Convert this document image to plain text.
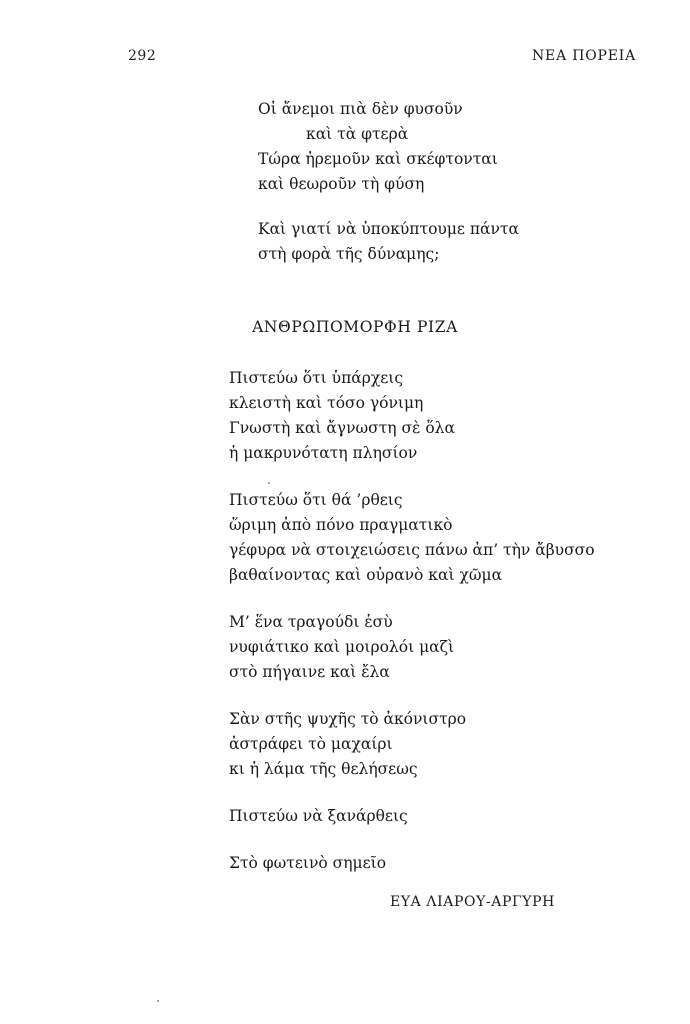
292	ΝΕΑ ΠΟΡΕΙΑ
Οἱ ἄνεμοι πιὰ δὲν φυσοῦν
καὶ τὰ φτερὰ
Τώρα ἠρεμοῦν καὶ σκέφτονται
καὶ θεωροῦν τὴ φύση
Καὶ γιατί νὰ ὑποκύπτουμε πάντα
στὴ φορὰ τῆς δύναμης;
ΑΝΘΡΩΠΟΜΟΡΦΗ ΡΙΖΑ
Πιστεύω ὅτι ὑπάρχεις
κλειστὴ καὶ τόσο γόνιμη
Γνωστὴ καὶ ἄγνωστη σὲ ὅλα
ἡ μακρυνότατη πλησίον
Πιστεύω ὅτι θά ’ρθεις
ὥριμη ἀπὸ πόνο πραγματικὸ
γέφυρα νὰ στοιχειώσεις πάνω ἀπ’ τὴν ἄβυσσο
βαθαίνοντας καὶ οὐρανὸ καὶ χῶμα
Μ’ ἕνα τραγούδι ἐσὺ
νυφιάτικο καὶ μοιρολόι μαζὶ
στὸ πήγαινε καὶ ἔλα
Σὰν στῆς ψυχῆς τὸ ἀκόνιστρο
ἀστράφει τὸ μαχαίρι
κι ἡ λάμα τῆς θελήσεως
Πιστεύω νὰ ξανάρθεις
Στὸ φωτεινὸ σημεῖο
ΕΥΑ ΛΙΑΡΟΥ-ΑΡΓΥΡΗ
